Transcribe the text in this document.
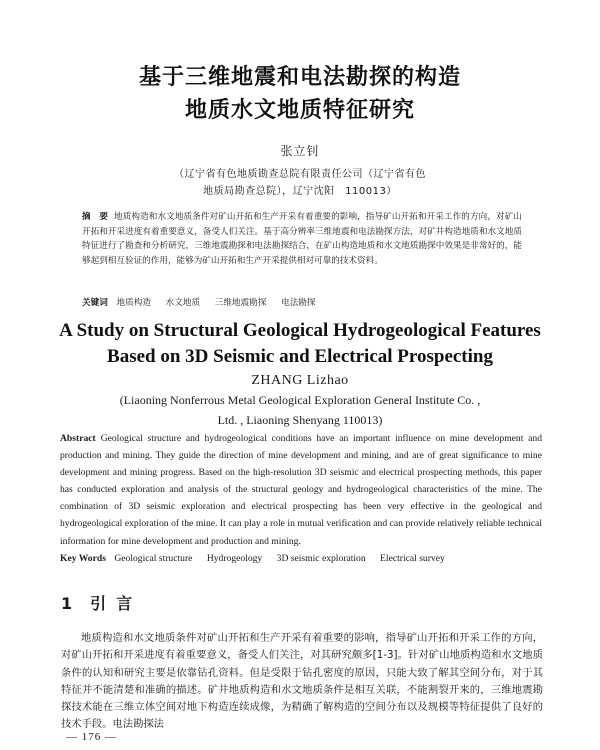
基于三维地震和电法勘探的构造
地质水文地质特征研究
张立钊
（辽宁省有色地质勘查总院有限责任公司（辽宁省有色
地质局勘查总院），辽宁沈阳　110013）
摘　要 地质构造和水文地质条件对矿山开拓和生产开采有着重要的影响，指导矿山开拓和开采工作的方向，对矿山开拓和开采进度有着重要意义，备受人们关注。基于高分辨率三维地震和电法勘探方法，对矿井构造地质和水文地质特征进行了勘查和分析研究，三维地震勘探和电法勘探结合，在矿山构造地质和水文地质勘探中效果是非常好的，能够起到相互验证的作用，能够为矿山开拓和生产开采提供相对可靠的技术资料。
关键词 地质构造 水文地质 三维地震勘探 电法勘探
A Study on Structural Geological Hydrogeological Features
Based on 3D Seismic and Electrical Prospecting
ZHANG Lizhao
(Liaoning Nonferrous Metal Geological Exploration General Institute Co. ,
Ltd. , Liaoning Shenyang 110013)
Abstract Geological structure and hydrogeological conditions have an important influence on mine development and production and mining. They guide the direction of mine development and mining, and are of great significance to mine development and mining progress. Based on the high-resolution 3D seismic and electrical prospecting methods, this paper has conducted exploration and analysis of the structural geology and hydrogeological characteristics of the mine. The combination of 3D seismic exploration and electrical prospecting has been very effective in the geological and hydrogeological exploration of the mine. It can play a role in mutual verification and can provide relatively reliable technical information for mine development and production and mining.
Key Words Geological structure Hydrogeology 3D seismic exploration Electrical survey
1 引言

地质构造和水文地质条件对矿山开拓和生产开采有着重要的影响，指导矿山开拓和开采工作的方向，对矿山开拓和开采进度有着重要意义，备受人们关注，对其研究颇多[1-3]。针对矿山地质构造和水文地质条件的认知和研究主要是依靠钻孔资料。但是受限于钻孔密度的原因，只能大致了解其空间分布，对于其特征并不能清楚和准确的描述。矿井地质构造和水文地质条件是相互关联，不能割裂开来的，三维地震勘探技术能在三维立体空间对地下构造连续成像，为精确了解构造的空间分布以及规模等特征提供了良好的技术手段。电法勘探法

— 176 —
